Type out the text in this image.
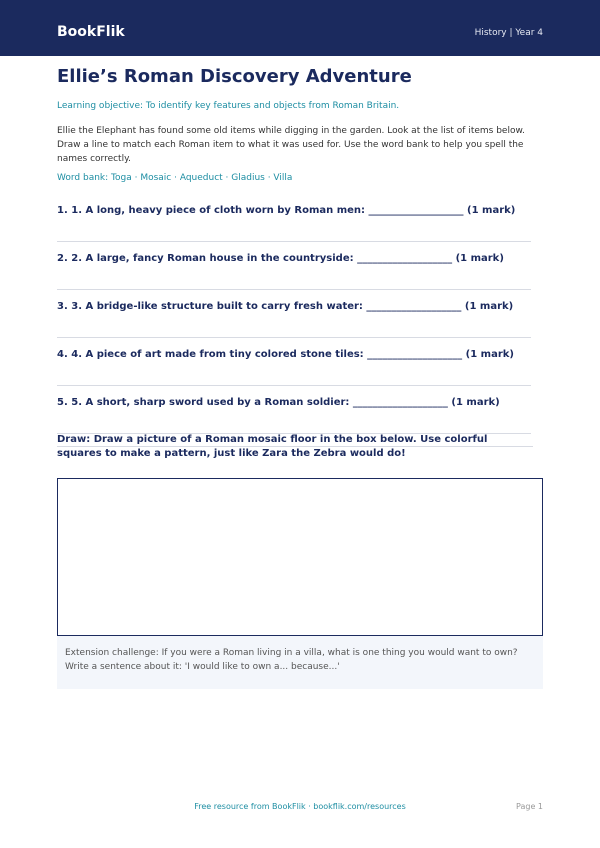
BookFlik	History | Year 4
Ellie’s Roman Discovery Adventure
Learning objective: To identify key features and objects from Roman Britain.
Ellie the Elephant has found some old items while digging in the garden. Look at the list of items below. Draw a line to match each Roman item to what it was used for. Use the word bank to help you spell the names correctly.
Word bank: Toga · Mosaic · Aqueduct · Gladius · Villa
1. 1. A long, heavy piece of cloth worn by Roman men: ___________________ (1 mark)
2. 2. A large, fancy Roman house in the countryside: ___________________ (1 mark)
3. 3. A bridge-like structure built to carry fresh water: ___________________ (1 mark)
4. 4. A piece of art made from tiny colored stone tiles: ___________________ (1 mark)
5. 5. A short, sharp sword used by a Roman soldier: ___________________ (1 mark)
Draw: Draw a picture of a Roman mosaic floor in the box below. Use colorful squares to make a pattern, just like Zara the Zebra would do!
Extension challenge: If you were a Roman living in a villa, what is one thing you would want to own? Write a sentence about it: 'I would like to own a... because...'
Free resource from BookFlik · bookflik.com/resources	Page 1
